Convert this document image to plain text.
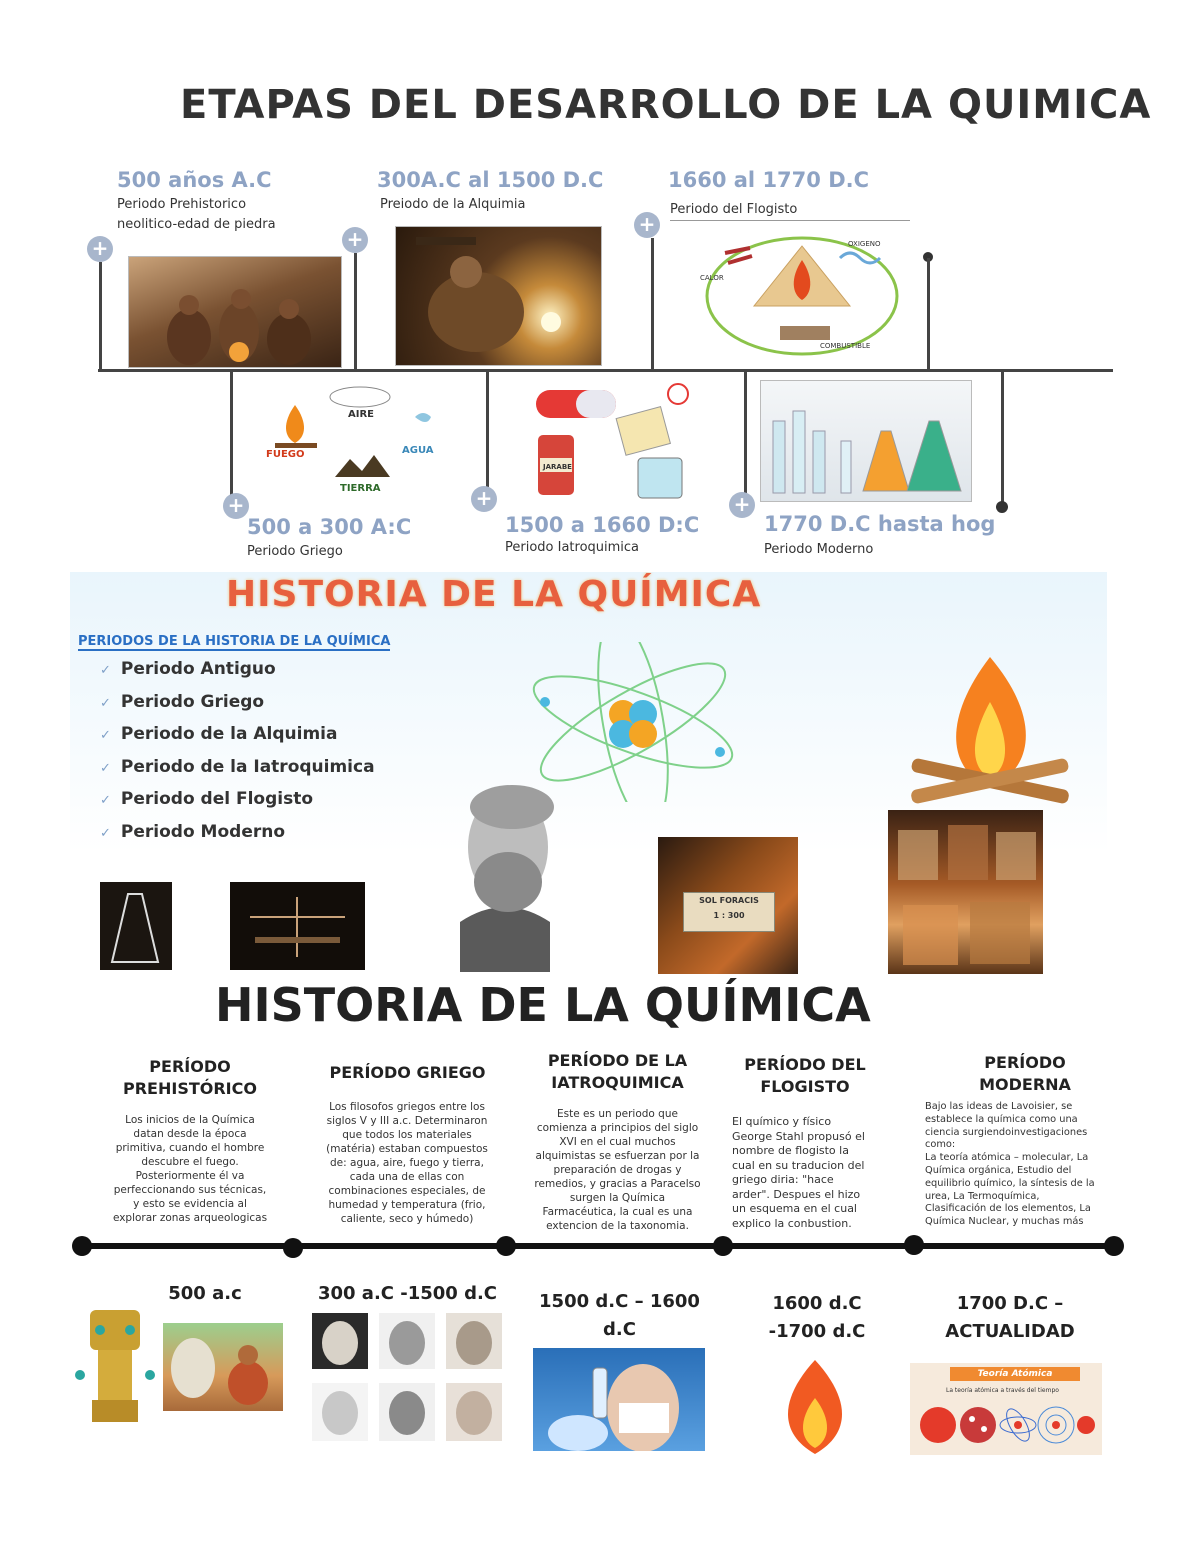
ETAPAS DEL DESARROLLO DE LA QUIMICA
500 años A.C
Periodo Prehistorico
neolitico-edad de piedra
+
300A.C al 1500 D.C
Preiodo de la Alquimia
+
1660 al 1770 D.C
Periodo del Flogisto
+
OXIGENO
CALOR
COMBUSTIBLE
AIRE
FUEGO	AGUA
TIERRA
+
500 a 300 A:C
Periodo Griego
JARABE
+
1500 a 1660 D:C
Periodo Iatroquimica
+
1770 D.C hasta hog
Periodo Moderno
HISTORIA DE LA QUÍMICA
PERIODOS DE LA HISTORIA DE LA QUÍMICA
✓ Periodo Antiguo
✓ Periodo Griego
✓ Periodo de la Alquimia
✓ Periodo de la Iatroquimica
✓ Periodo del Flogisto
✓ Periodo Moderno
SOL FORACIS
1 : 300
HISTORIA DE LA QUÍMICA
PERÍODO
PREHISTÓRICO
PERÍODO GRIEGO
PERÍODO DE LA
IATROQUIMICA
PERÍODO DEL
FLOGISTO
PERÍODO
MODERNA
Los inicios de la Química
datan desde la época
primitiva, cuando el hombre
descubre el fuego.
Posteriormente él va
perfeccionando sus técnicas,
y esto se evidencia al
explorar zonas arqueologicas
Los filosofos griegos entre los
siglos V y III a.c. Determinaron
que todos los materiales
(matéria) estaban compuestos
de: agua, aire, fuego y tierra,
cada una de ellas con
combinaciones especiales, de
humedad y temperatura (frio,
caliente, seco y húmedo)
Este es un periodo que
comienza a principios del siglo
XVI en el cual muchos
alquimistas se esfuerzan por la
preparación de drogas y
remedios, y gracias a Paracelso
surgen la Química
Farmacéutica, la cual es una
extencion de la taxonomia.
El químico y físico
George Stahl propusó el
nombre de flogisto la
cual en su traducion del
griego diria: "hace
arder". Despues el hizo
un esquema en el cual
explico la conbustion.
Bajo las ideas de Lavoisier, se
establece la química como una
ciencia surgiendoinvestigaciones
como:
La teoría atómica – molecular, La
Química orgánica, Estudio del
equilibrio químico, la síntesis de la
urea, La Termoquímica,
Clasificación de los elementos, La
Química Nuclear, y muchas más
500 a.c	300 a.C -1500 d.C	1500 d.C – 1600
d.C
1600 d.C
-1700 d.C
1700 D.C –
ACTUALIDAD
Teoría Atómica
La teoría atómica a través del tiempo
